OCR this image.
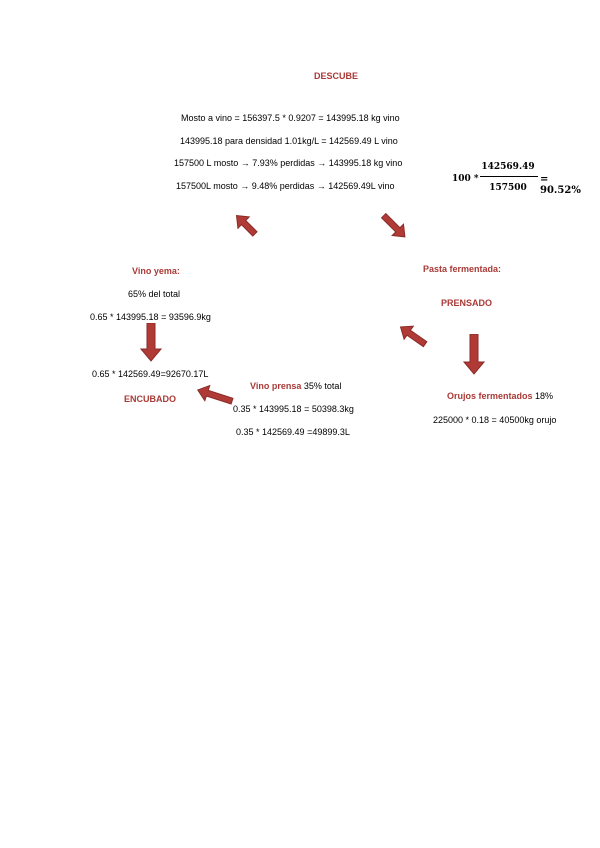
DESCUBE
Mosto a vino = 156397.5 * 0.9207 = 143995.18 kg vino
143995.18 para densidad 1.01kg/L = 142569.49 L vino
157500 L mosto → 7.93% perdidas → 143995.18 kg vino
157500L mosto → 9.48% perdidas → 142569.49L vino
100 *
142569.49
157500
= 90.52%
Vino yema:
65% del total
0.65 * 143995.18 = 93596.9kg
0.65 * 142569.49=92670.17L
ENCUBADO
Pasta fermentada:
PRENSADO
Vino prensa 35% total
0.35 * 143995.18 = 50398.3kg
0.35 * 142569.49 =49899.3L
Orujos fermentados 18%
225000 * 0.18 = 40500kg orujo
